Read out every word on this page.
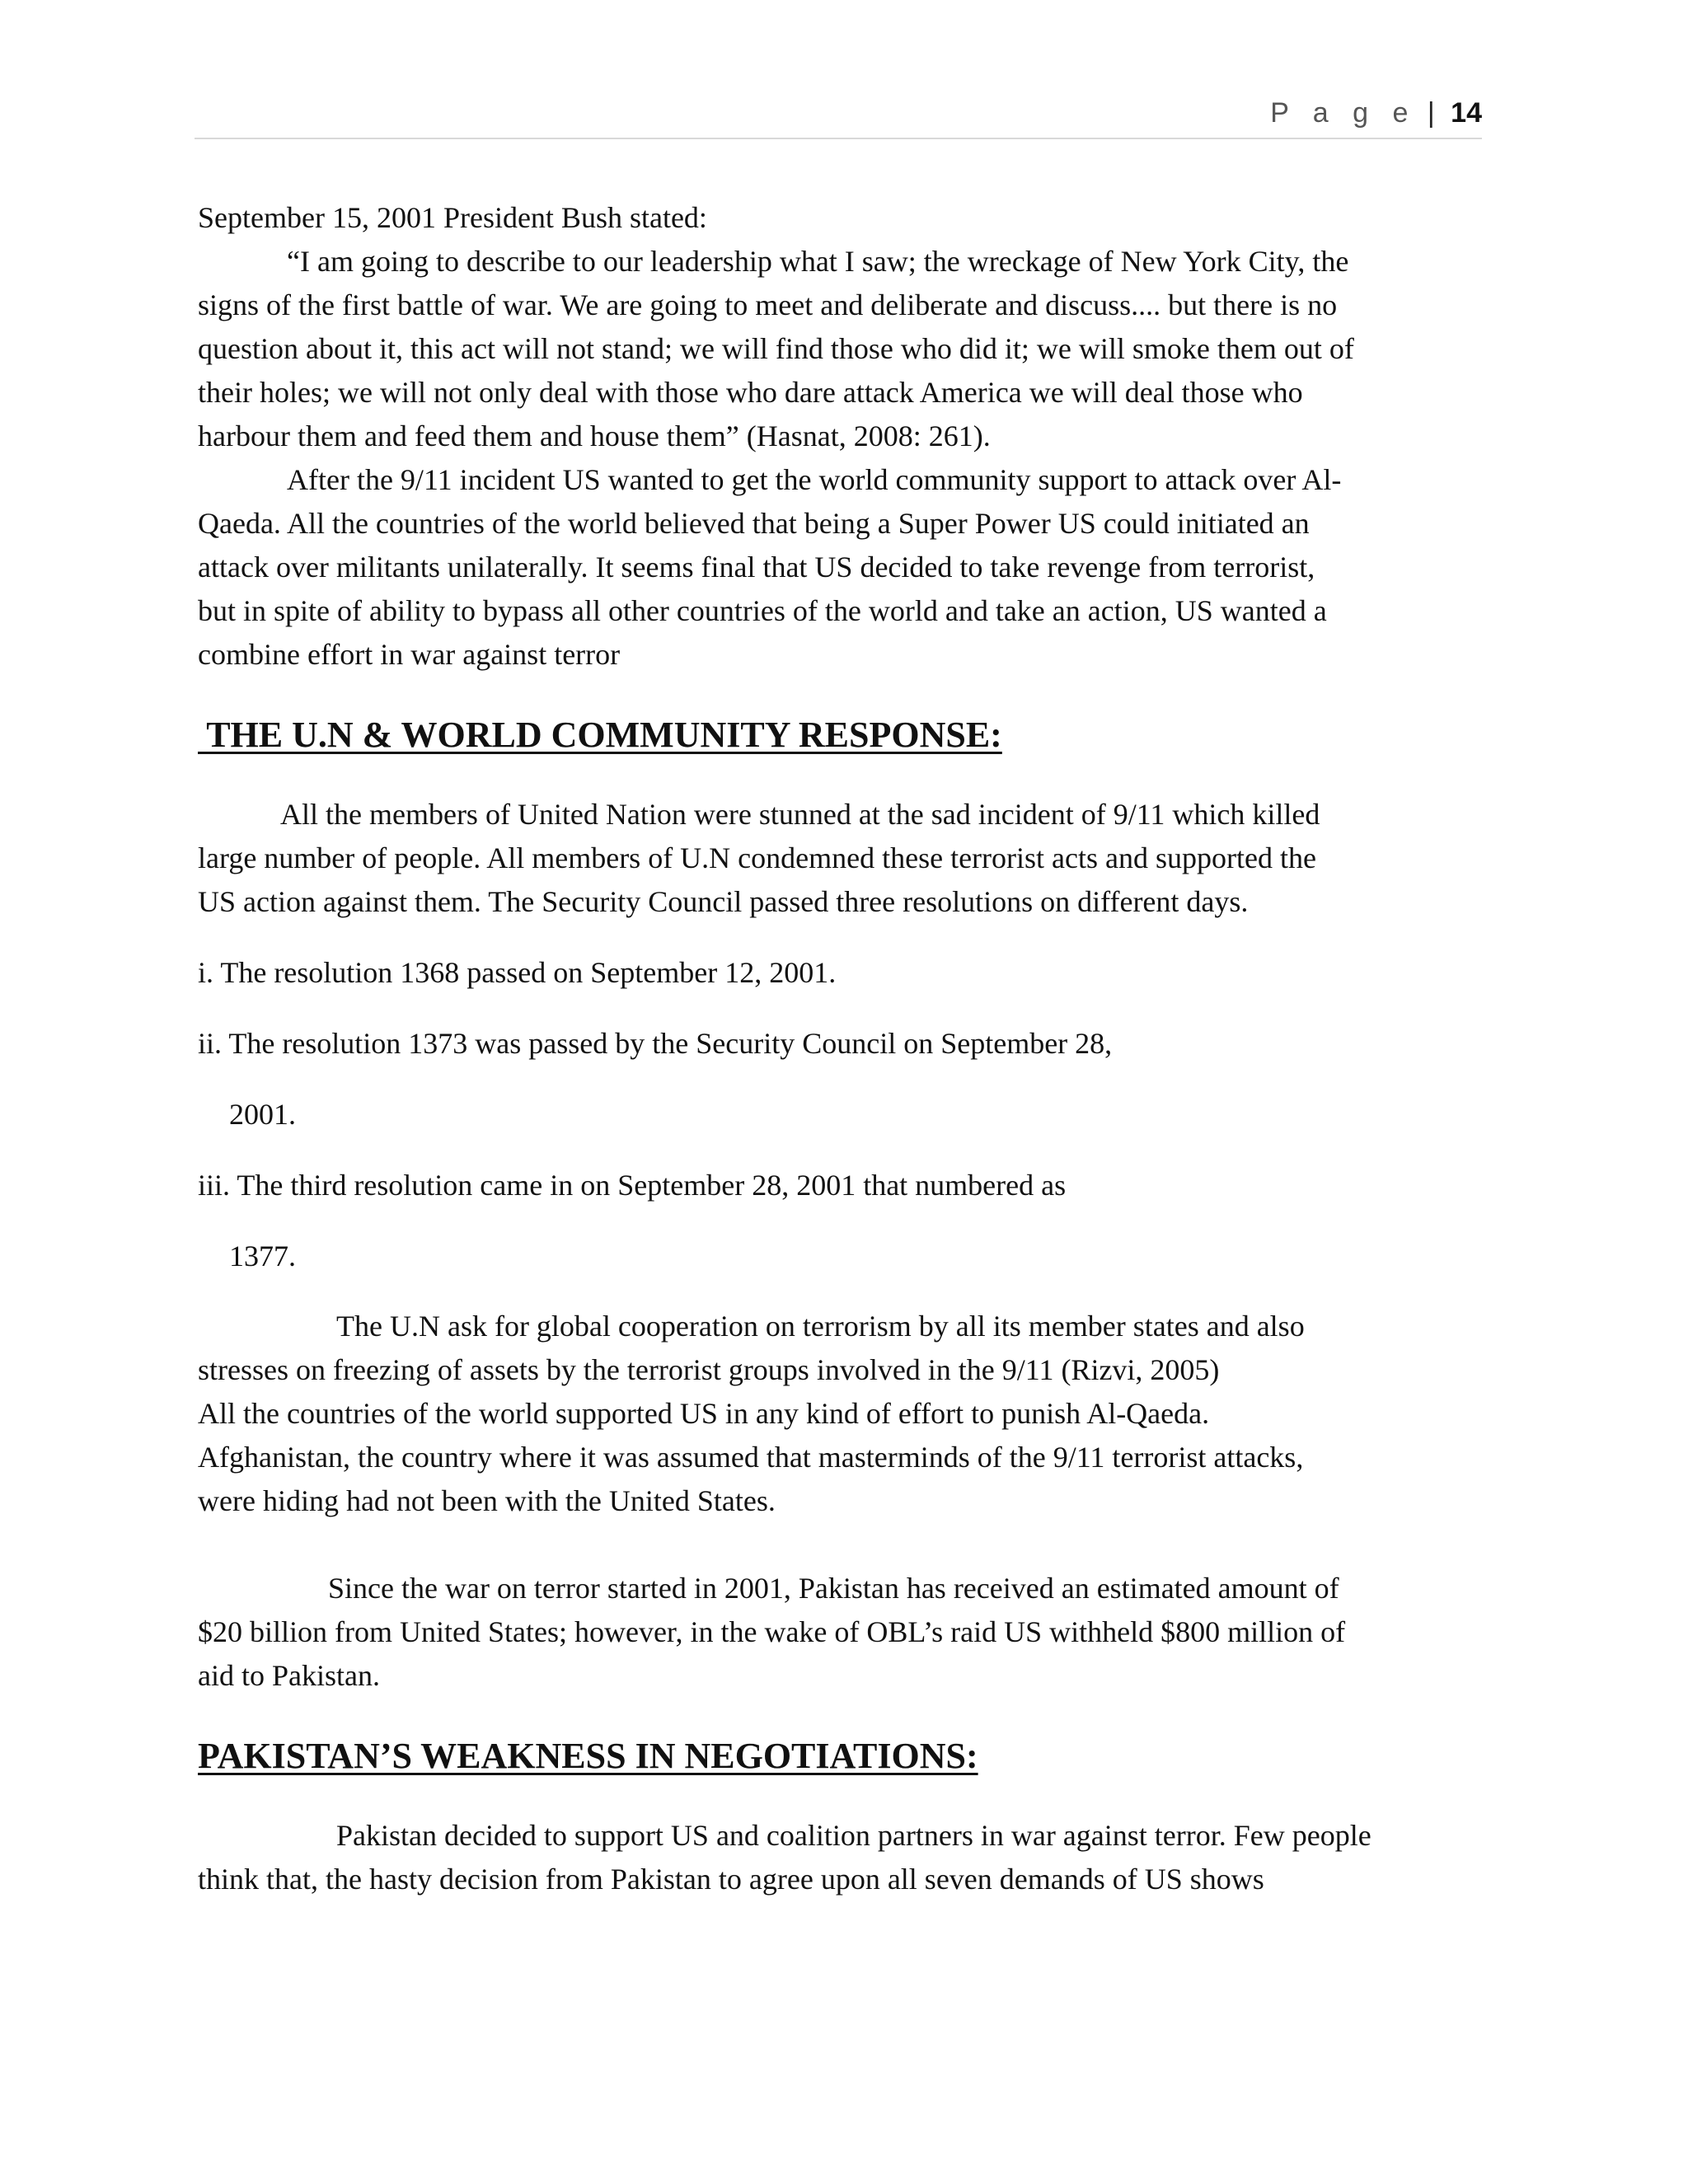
P a g e | 14

September 15, 2001 President Bush stated:

“I am going to describe to our leadership what I saw; the wreckage of New York City, the

signs of the first battle of war. We are going to meet and deliberate and discuss.... but there is no

question about it, this act will not stand; we will find those who did it; we will smoke them out of

their holes; we will not only deal with those who dare attack America we will deal those who

harbour them and feed them and house them” (Hasnat, 2008: 261).

After the 9/11 incident US wanted to get the world community support to attack over Al-

Qaeda. All the countries of the world believed that being a Super Power US could initiated an

attack over militants unilaterally. It seems final that US decided to take revenge from terrorist,

but in spite of ability to bypass all other countries of the world and take an action, US wanted a

combine effort in war against terror

THE U.N & WORLD COMMUNITY RESPONSE:

All the members of United Nation were stunned at the sad incident of 9/11 which killed

large number of people. All members of U.N condemned these terrorist acts and supported the

US action against them. The Security Council passed three resolutions on different days.

i. The resolution 1368 passed on September 12, 2001.

ii. The resolution 1373 was passed by the Security Council on September 28,

2001.

iii. The third resolution came in on September 28, 2001 that numbered as

1377.

The U.N ask for global cooperation on terrorism by all its member states and also

stresses on freezing of assets by the terrorist groups involved in the 9/11 (Rizvi, 2005)

All the countries of the world supported US in any kind of effort to punish Al-Qaeda.

Afghanistan, the country where it was assumed that masterminds of the 9/11 terrorist attacks,

were hiding had not been with the United States.

Since the war on terror started in 2001, Pakistan has received an estimated amount of

$20 billion from United States; however, in the wake of OBL’s raid US withheld $800 million of

aid to Pakistan.

PAKISTAN’S WEAKNESS IN NEGOTIATIONS:

Pakistan decided to support US and coalition partners in war against terror. Few people

think that, the hasty decision from Pakistan to agree upon all seven demands of US shows
